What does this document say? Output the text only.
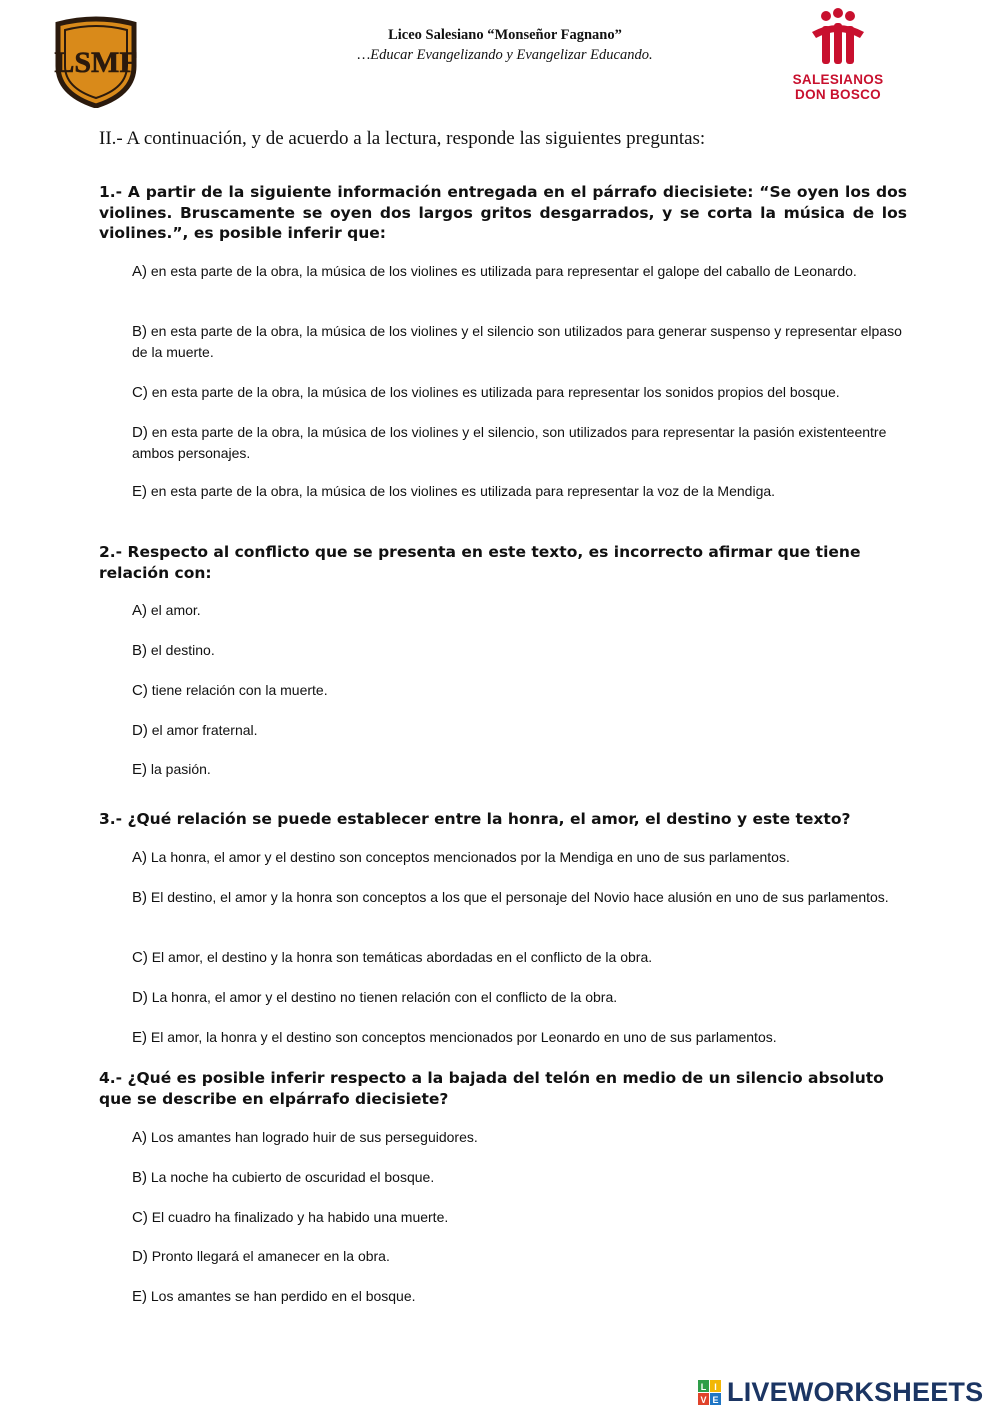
LSMF
Liceo Salesiano “Monseñor Fagnano”
…Educar Evangelizando y Evangelizar Educando.
SALESIANOS
DON BOSCO
II.- A continuación, y de acuerdo a la lectura, responde las siguientes preguntas:
1.- A partir de la siguiente información entregada en el párrafo diecisiete: “Se oyen los dos violines. Bruscamente se oyen dos largos gritos desgarrados, y se corta la música de los violines.”, es posible inferir que:
A) en esta parte de la obra, la música de los violines es utilizada para representar el galope del caballo de Leonardo.
B) en esta parte de la obra, la música de los violines y el silencio son utilizados para generar suspenso y representar elpaso de la muerte.
C) en esta parte de la obra, la música de los violines es utilizada para representar los sonidos propios del bosque.
D) en esta parte de la obra, la música de los violines y el silencio, son utilizados para representar la pasión existenteentre ambos personajes.
E) en esta parte de la obra, la música de los violines es utilizada para representar la voz de la Mendiga.
2.- Respecto al conflicto que se presenta en este texto, es incorrecto afirmar que tiene relación con:
A) el amor.
B) el destino.
C) tiene relación con la muerte.
D) el amor fraternal.
E) la pasión.
3.- ¿Qué relación se puede establecer entre la honra, el amor, el destino y este texto?
A) La honra, el amor y el destino son conceptos mencionados por la Mendiga en uno de sus parlamentos.
B) El destino, el amor y la honra son conceptos a los que el personaje del Novio hace alusión en uno de sus parlamentos.
C) El amor, el destino y la honra son temáticas abordadas en el conflicto de la obra.
D) La honra, el amor y el destino no tienen relación con el conflicto de la obra.
E) El amor, la honra y el destino son conceptos mencionados por Leonardo en uno de sus parlamentos.
4.- ¿Qué es posible inferir respecto a la bajada del telón en medio de un silencio absoluto que se describe en elpárrafo diecisiete?
A) Los amantes han logrado huir de sus perseguidores.
B) La noche ha cubierto de oscuridad el bosque.
C) El cuadro ha finalizado y ha habido una muerte.
D) Pronto llegará el amanecer en la obra.
E) Los amantes se han perdido en el bosque.
L I
V E LIVEWORKSHEETS
